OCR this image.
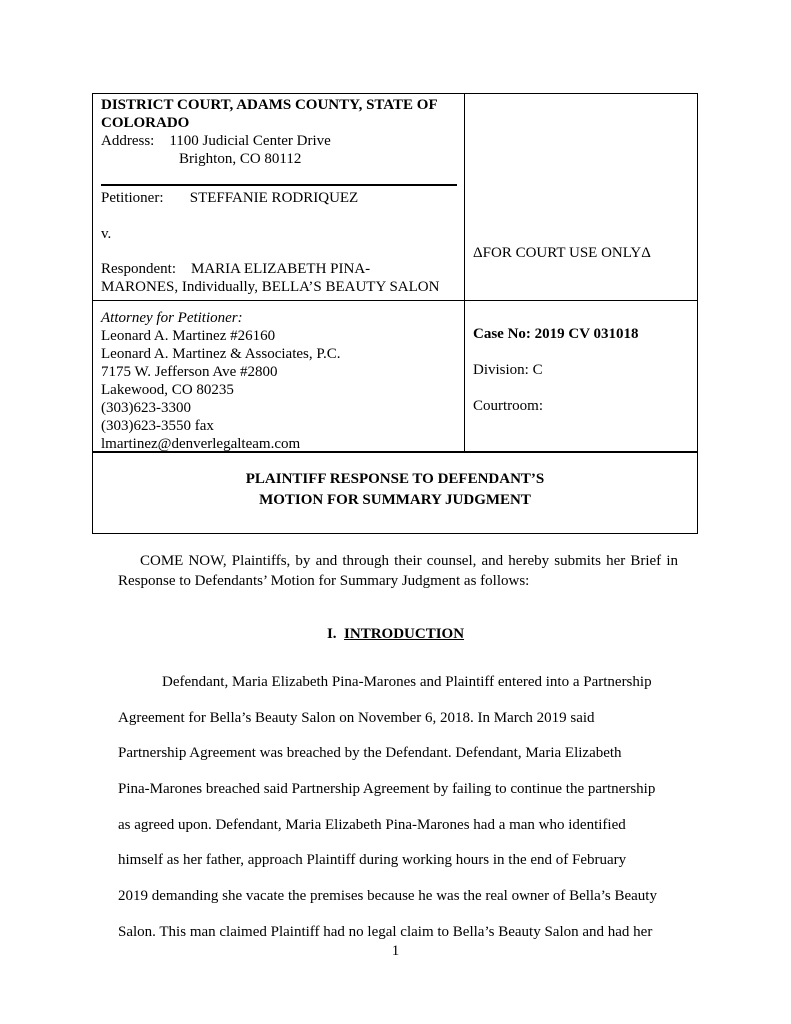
DISTRICT COURT, ADAMS COUNTY, STATE OF
COLORADO
Address: 1100 Judicial Center Drive
Brighton, CO 80112
Petitioner: STEFFANIE RODRIQUEZ
v.
Respondent: MARIA ELIZABETH PINA-
MARONES, Individually, BELLA’S BEAUTY SALON
ΔFOR COURT USE ONLYΔ
Attorney for Petitioner:
Leonard A. Martinez #26160
Leonard A. Martinez & Associates, P.C.
7175 W. Jefferson Ave #2800
Lakewood, CO 80235
(303)623-3300
(303)623-3550 fax
lmartinez@denverlegalteam.com
Case No: 2019 CV 031018
Division: C
Courtroom:
PLAINTIFF RESPONSE TO DEFENDANT’S
MOTION FOR SUMMARY JUDGMENT
COME NOW, Plaintiffs, by and through their counsel, and hereby submits her Brief in Response to Defendants’ Motion for Summary Judgment as follows:
I. INTRODUCTION
Defendant, Maria Elizabeth Pina-Marones and Plaintiff entered into a Partnership
Agreement for Bella’s Beauty Salon on November 6, 2018. In March 2019 said
Partnership Agreement was breached by the Defendant. Defendant, Maria Elizabeth
Pina-Marones breached said Partnership Agreement by failing to continue the partnership
as agreed upon. Defendant, Maria Elizabeth Pina-Marones had a man who identified
himself as her father, approach Plaintiff during working hours in the end of February
2019 demanding she vacate the premises because he was the real owner of Bella’s Beauty
Salon. This man claimed Plaintiff had no legal claim to Bella’s Beauty Salon and had her
1
